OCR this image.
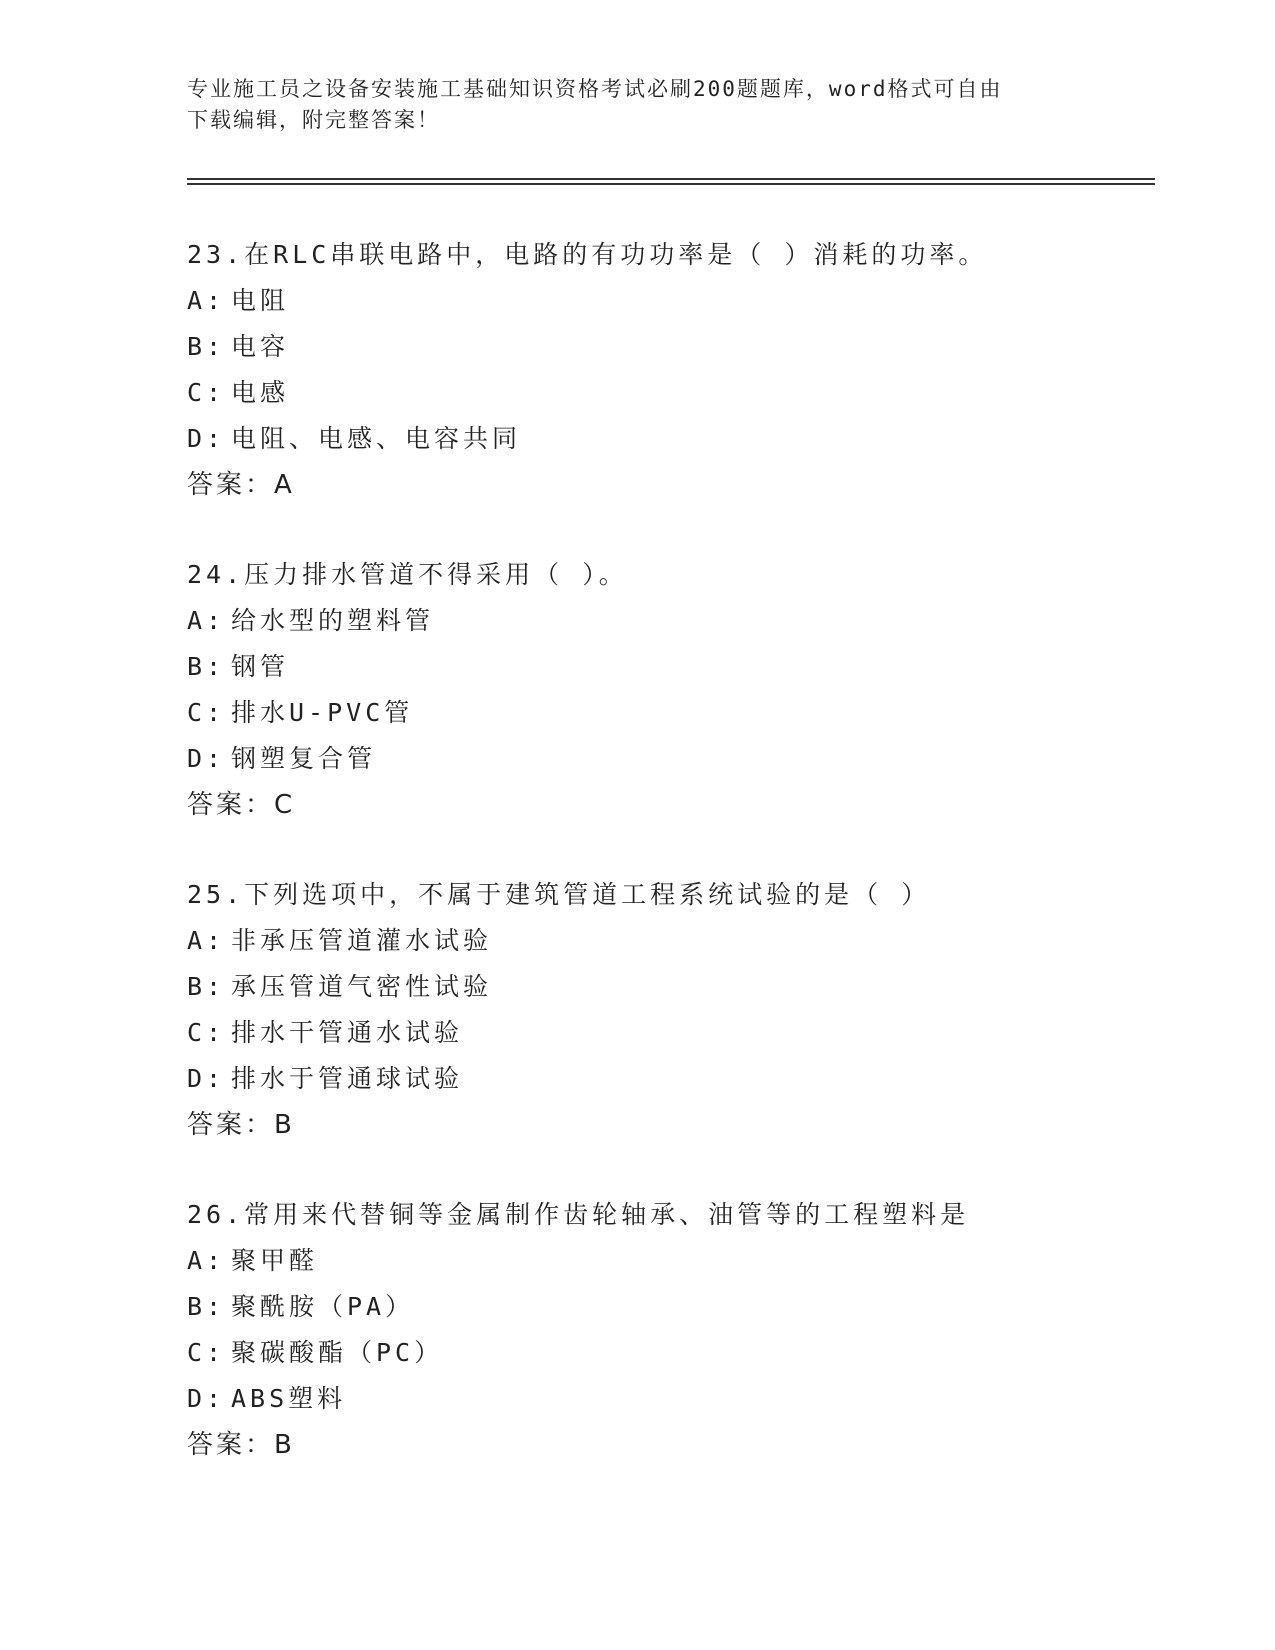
专业施工员之设备安装施工基础知识资格考试必刷200题题库，word格式可自由
下载编辑，附完整答案！
23.在RLC串联电路中，电路的有功功率是（ ）消耗的功率。
A: 电阻
B: 电容
C: 电感
D: 电阻、电感、电容共同
答案：A
24.压力排水管道不得采用（ ）。
A: 给水型的塑料管
B: 钢管
C: 排水U-PVC管
D: 钢塑复合管
答案：C
25.下列选项中，不属于建筑管道工程系统试验的是（ ）
A: 非承压管道灌水试验
B: 承压管道气密性试验
C: 排水干管通水试验
D: 排水于管通球试验
答案：B
26.常用来代替铜等金属制作齿轮轴承、油管等的工程塑料是
A: 聚甲醛
B: 聚酰胺（PA）
C: 聚碳酸酯（PC）
D: ABS塑料
答案：B
